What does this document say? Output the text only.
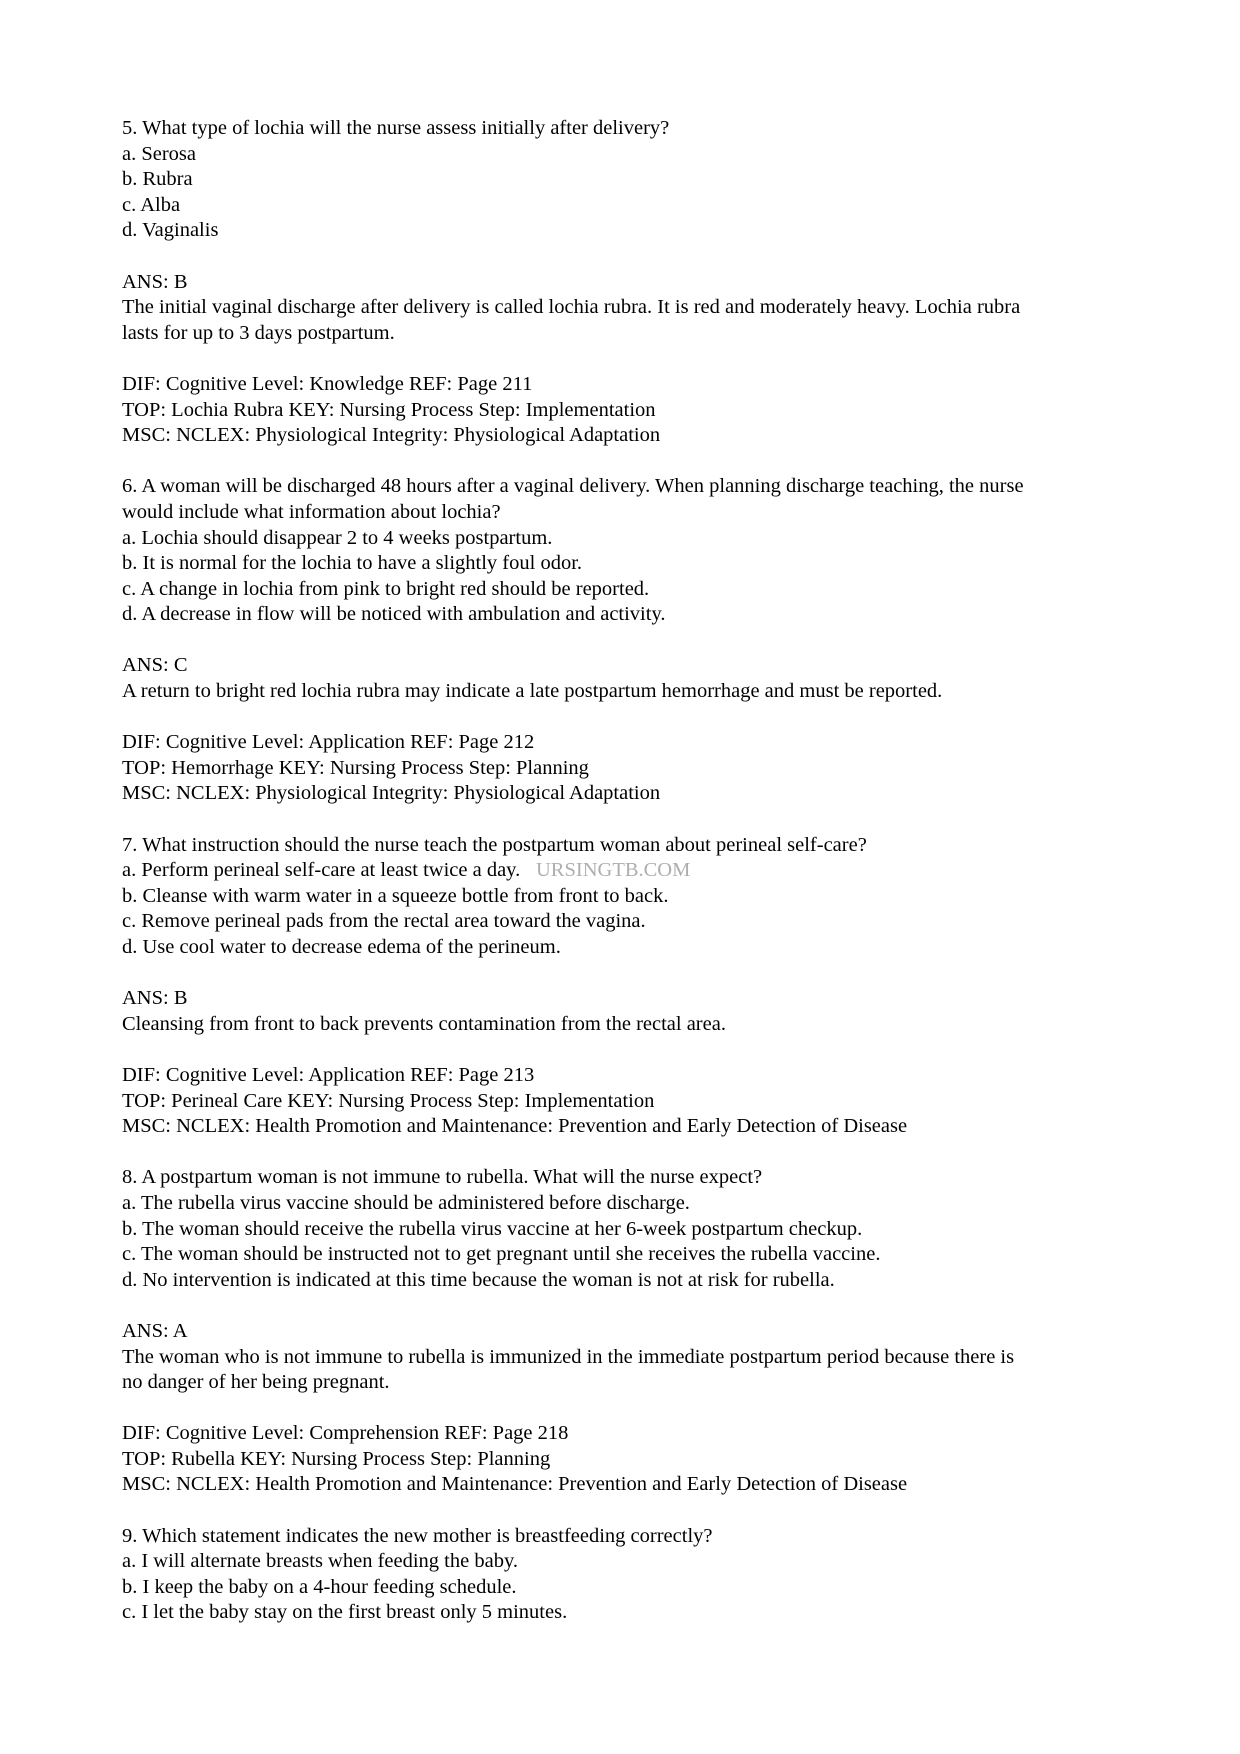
5. What type of lochia will the nurse assess initially after delivery?
a. Serosa
b. Rubra
c. Alba
d. Vaginalis
ANS: B
The initial vaginal discharge after delivery is called lochia rubra. It is red and moderately heavy. Lochia rubra
lasts for up to 3 days postpartum.
DIF: Cognitive Level: Knowledge REF: Page 211
TOP: Lochia Rubra KEY: Nursing Process Step: Implementation
MSC: NCLEX: Physiological Integrity: Physiological Adaptation
6. A woman will be discharged 48 hours after a vaginal delivery. When planning discharge teaching, the nurse
would include what information about lochia?
a. Lochia should disappear 2 to 4 weeks postpartum.
b. It is normal for the lochia to have a slightly foul odor.
c. A change in lochia from pink to bright red should be reported.
d. A decrease in flow will be noticed with ambulation and activity.
ANS: C
A return to bright red lochia rubra may indicate a late postpartum hemorrhage and must be reported.
DIF: Cognitive Level: Application REF: Page 212
TOP: Hemorrhage KEY: Nursing Process Step: Planning
MSC: NCLEX: Physiological Integrity: Physiological Adaptation
7. What instruction should the nurse teach the postpartum woman about perineal self-care?
a. Perform perineal self-care at least twice a day.
b. Cleanse with warm water in a squeeze bottle from front to back.
c. Remove perineal pads from the rectal area toward the vagina.
d. Use cool water to decrease edema of the perineum.
ANS: B
Cleansing from front to back prevents contamination from the rectal area.
DIF: Cognitive Level: Application REF: Page 213
TOP: Perineal Care KEY: Nursing Process Step: Implementation
MSC: NCLEX: Health Promotion and Maintenance: Prevention and Early Detection of Disease
8. A postpartum woman is not immune to rubella. What will the nurse expect?
a. The rubella virus vaccine should be administered before discharge.
b. The woman should receive the rubella virus vaccine at her 6-week postpartum checkup.
c. The woman should be instructed not to get pregnant until she receives the rubella vaccine.
d. No intervention is indicated at this time because the woman is not at risk for rubella.
ANS: A
The woman who is not immune to rubella is immunized in the immediate postpartum period because there is
no danger of her being pregnant.
DIF: Cognitive Level: Comprehension REF: Page 218
TOP: Rubella KEY: Nursing Process Step: Planning
MSC: NCLEX: Health Promotion and Maintenance: Prevention and Early Detection of Disease
9. Which statement indicates the new mother is breastfeeding correctly?
a. I will alternate breasts when feeding the baby.
b. I keep the baby on a 4-hour feeding schedule.
c. I let the baby stay on the first breast only 5 minutes.
URSINGTB.COM
